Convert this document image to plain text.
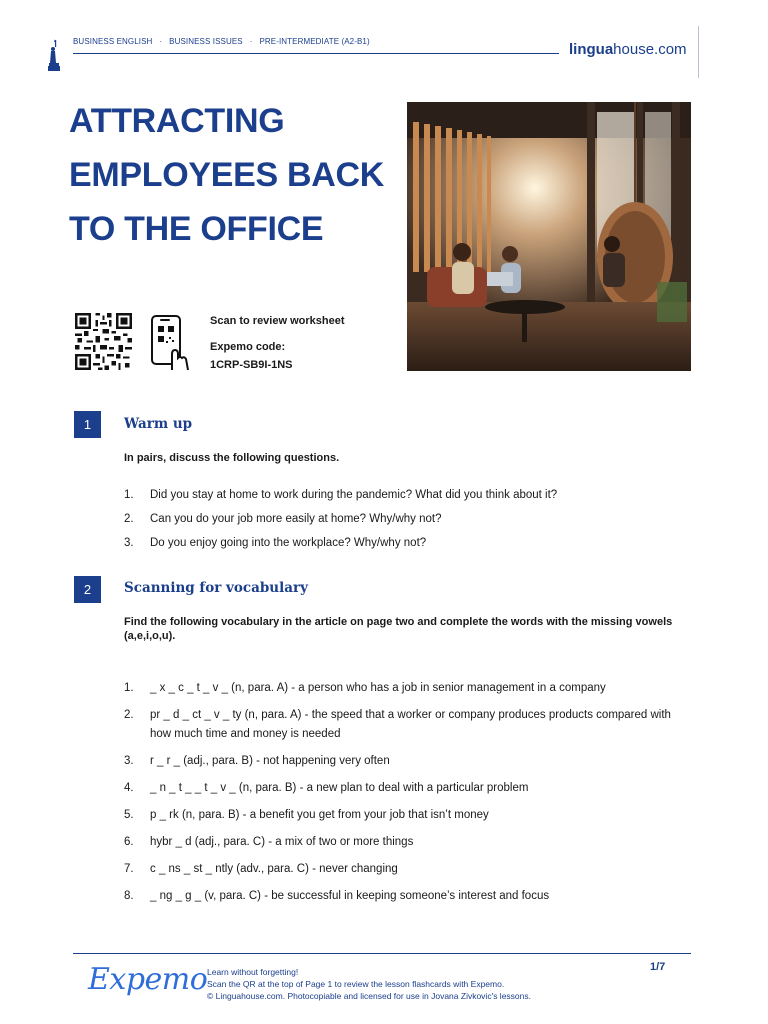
BUSINESS ENGLISH · BUSINESS ISSUES · PRE-INTERMEDIATE (A2-B1)	linguahouse.com
ATTRACTING EMPLOYEES BACK TO THE OFFICE
Scan to review worksheet
Expemo code:
1CRP-SB9I-1NS
1	Warm up
In pairs, discuss the following questions.
1. Did you stay at home to work during the pandemic? What did you think about it?
2. Can you do your job more easily at home? Why/why not?
3. Do you enjoy going into the workplace? Why/why not?
2	Scanning for vocabulary
Find the following vocabulary in the article on page two and complete the words with the missing vowels (a,e,i,o,u).
1. _ x _ c _ t _ v _ (n, para. A) - a person who has a job in senior management in a company
2. pr _ d _ ct _ v _ ty (n, para. A) - the speed that a worker or company produces products compared with how much time and money is needed
3. r _ r _ (adj., para. B) - not happening very often
4. _ n _ t _ _ t _ v _ (n, para. B) - a new plan to deal with a particular problem
5. p _ rk (n, para. B) - a benefit you get from your job that isn’t money
6. hybr _ d (adj., para. C) - a mix of two or more things
7. c _ ns _ st _ ntly (adv., para. C) - never changing
8. _ ng _ g _ (v, para. C) - be successful in keeping someone’s interest and focus
Expemo Learn without forgetting!
Scan the QR at the top of Page 1 to review the lesson flashcards with Expemo.
© Linguahouse.com. Photocopiable and licensed for use in Jovana Zivkovic's lessons.
1/7
